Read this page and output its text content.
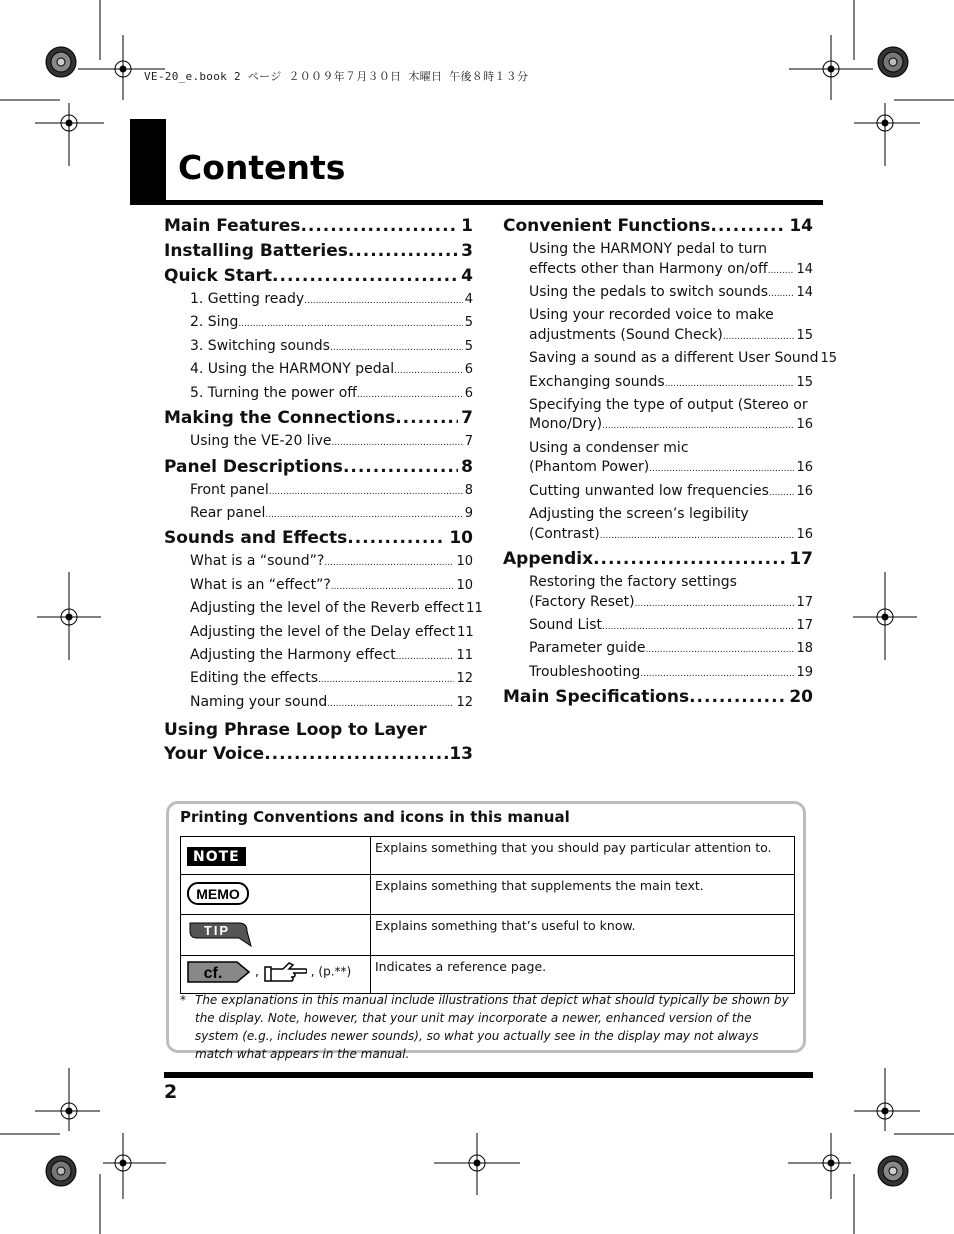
VE-20_e.book 2 ページ ２００９年７月３０日 木曜日 午後８時１３分
Contents
Main Features .....	1
Installing Batteries .....	3
Quick Start .....	4
1. Getting ready .....	4
2. Sing .....	5
3. Switching sounds .....	5
4. Using the HARMONY pedal .....	6
5. Turning the power off .....	6
Making the Connections .....	7
Using the VE-20 live .....	7
Panel Descriptions .....	8
Front panel .....	8
Rear panel .....	9
Sounds and Effects .....	10
What is a “sound”? .....	10
What is an “effect”? .....	10
Adjusting the level of the Reverb effect 11
Adjusting the level of the Delay effect 11
Adjusting the Harmony effect .....	11
Editing the effects .....	12
Naming your sound .....	12
Using Phrase Loop to Layer
Your Voice .....	13
Convenient Functions .....	14
Using the HARMONY pedal to turn
effects other than Harmony on/off ..... 14
Using the pedals to switch sounds ..... 14
Using your recorded voice to make
adjustments (Sound Check) .....	15
Saving a sound as a different User Sound 15
Exchanging sounds .....	15
Specifying the type of output (Stereo or
Mono/Dry) .....	16
Using a condenser mic
(Phantom Power) .....	16
Cutting unwanted low frequencies ..... 16
Adjusting the screen’s legibility
(Contrast) .....	16
Appendix .....	17
Restoring the factory settings
(Factory Reset) .....	17
Sound List .....	17
Parameter guide .....	18
Troubleshooting .....	19
Main Specifications .....	20
Printing Conventions and icons in this manual
NOTE	Explains something that you should pay particular attention to.

MEMO	Explains something that supplements the main text.

TIP	Explains something that’s useful to know.

cf. , , (p.**)	Indicates a reference page.
* The explanations in this manual include illustrations that depict what should typically be shown by the display. Note, however, that your unit may incorporate a newer, enhanced version of the system (e.g., includes newer sounds), so what you actually see in the display may not always match what appears in the manual.
2
